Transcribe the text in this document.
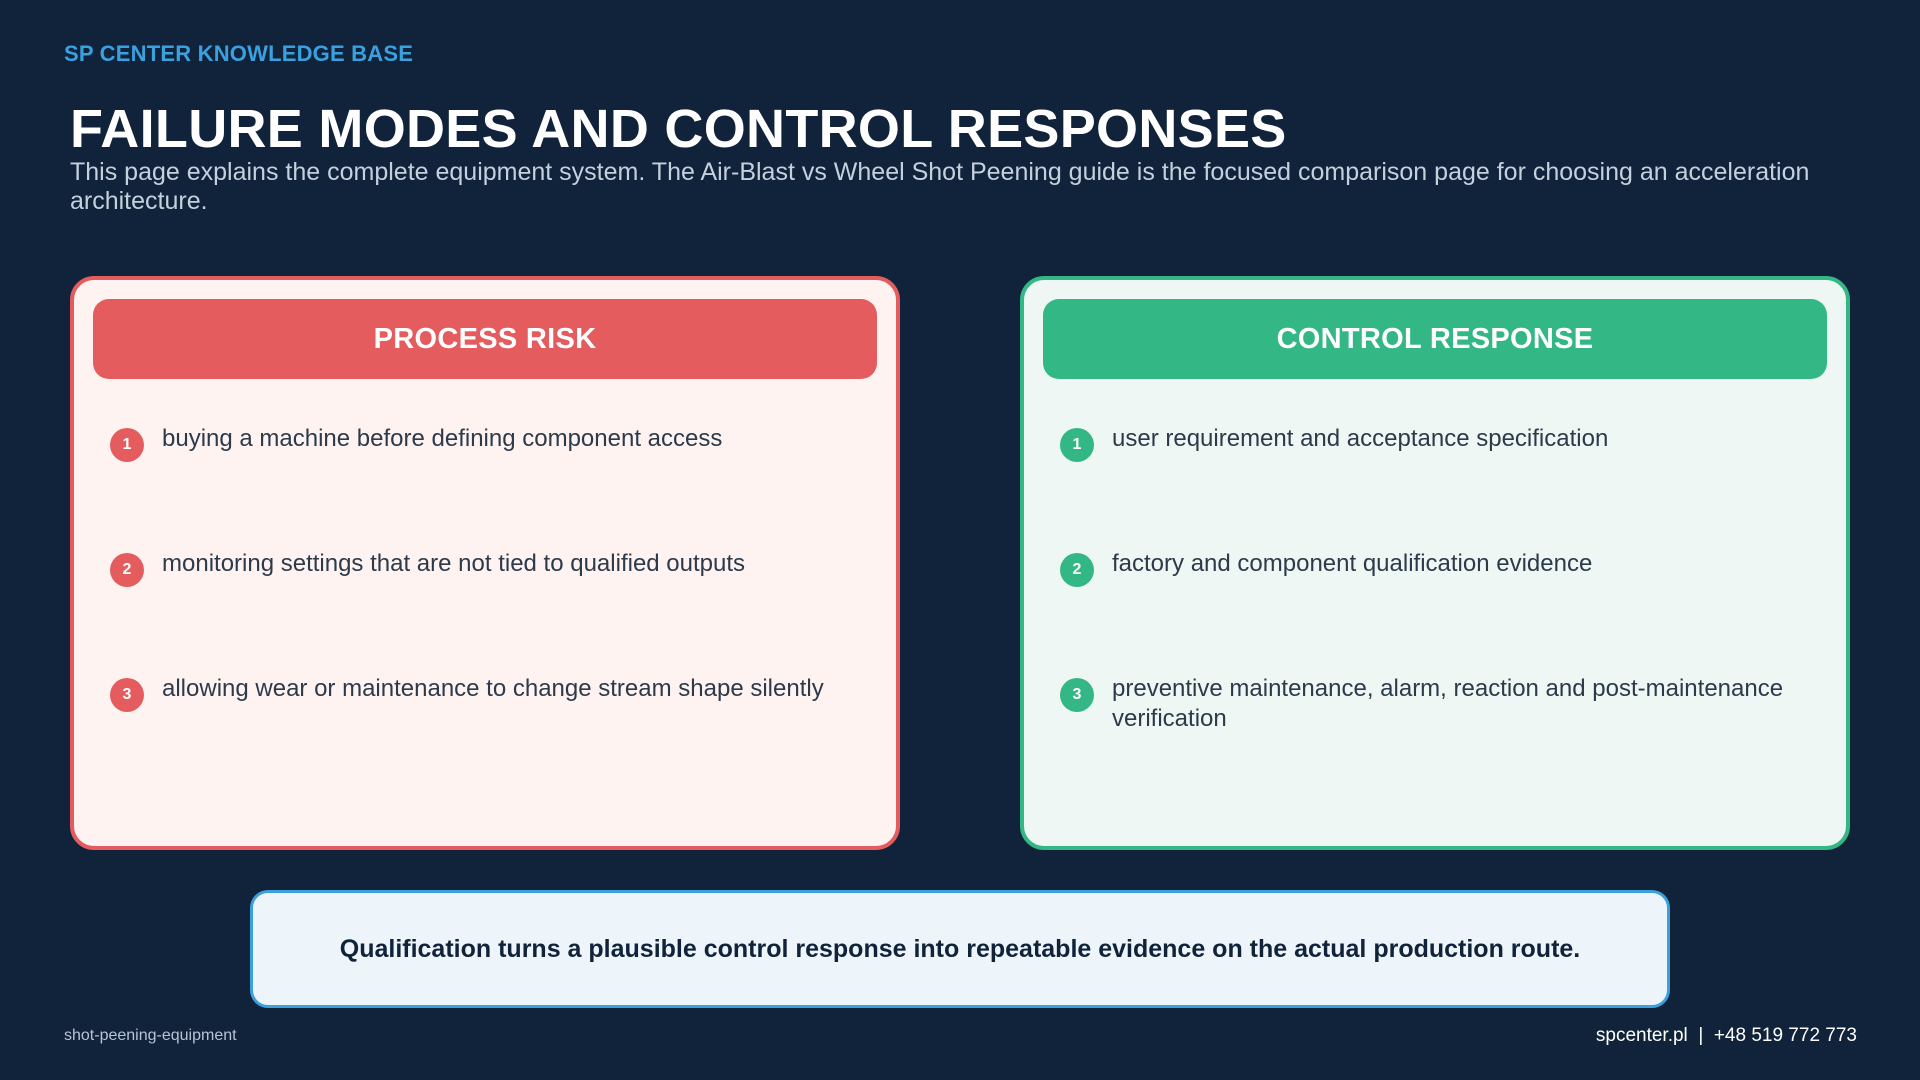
SP CENTER KNOWLEDGE BASE
FAILURE MODES AND CONTROL RESPONSES

This page explains the complete equipment system. The Air-Blast vs Wheel Shot Peening guide is the focused comparison page for choosing an acceleration architecture.

PROCESS RISK
1	buying a machine before defining component access
2	monitoring settings that are not tied to qualified outputs
3	allowing wear or maintenance to change stream shape silently
CONTROL RESPONSE
1	user requirement and acceptance specification
2	factory and component qualification evidence
3	preventive maintenance, alarm, reaction and post-maintenance verification
Qualification turns a plausible control response into repeatable evidence on the actual production route.
shot-peening-equipment	spcenter.pl  |  +48 519 772 773
